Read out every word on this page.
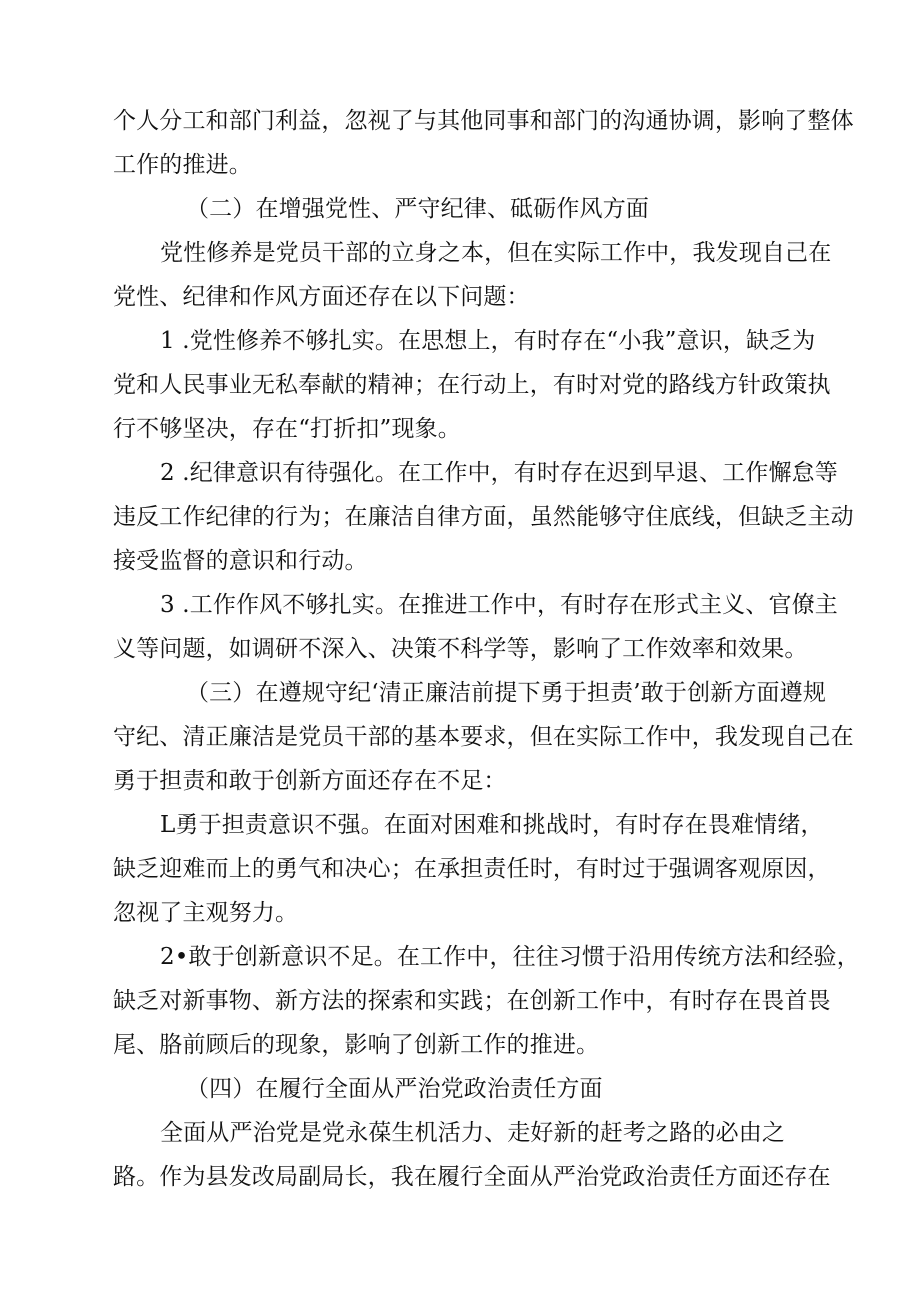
个人分工和部门利益，忽视了与其他同事和部门的沟通协调，影响了整体
工作的推进。
（二）在增强党性、严守纪律、砥砺作风方面
党性修养是党员干部的立身之本，但在实际工作中，我发现自己在
党性、纪律和作风方面还存在以下问题：
1 .党性修养不够扎实。在思想上，有时存在“小我”意识，缺乏为
党和人民事业无私奉献的精神；在行动上，有时对党的路线方针政策执
行不够坚决，存在“打折扣”现象。
2 .纪律意识有待强化。在工作中，有时存在迟到早退、工作懈怠等
违反工作纪律的行为；在廉洁自律方面，虽然能够守住底线，但缺乏主动
接受监督的意识和行动。
3 .工作作风不够扎实。在推进工作中，有时存在形式主义、官僚主
义等问题，如调研不深入、决策不科学等，影响了工作效率和效果。
（三）在遵规守纪‘清正廉洁前提下勇于担责’敢于创新方面遵规
守纪、清正廉洁是党员干部的基本要求，但在实际工作中，我发现自己在
勇于担责和敢于创新方面还存在不足：
L勇于担责意识不强。在面对困难和挑战时，有时存在畏难情绪，
缺乏迎难而上的勇气和决心；在承担责任时，有时过于强调客观原因，
忽视了主观努力。
2•敢于创新意识不足。在工作中，往往习惯于沿用传统方法和经验，
缺乏对新事物、新方法的探索和实践；在创新工作中，有时存在畏首畏
尾、胳前顾后的现象，影响了创新工作的推进。
（四）在履行全面从严治党政治责任方面
全面从严治党是党永葆生机活力、走好新的赶考之路的必由之
路。作为县发改局副局长，我在履行全面从严治党政治责任方面还存在
